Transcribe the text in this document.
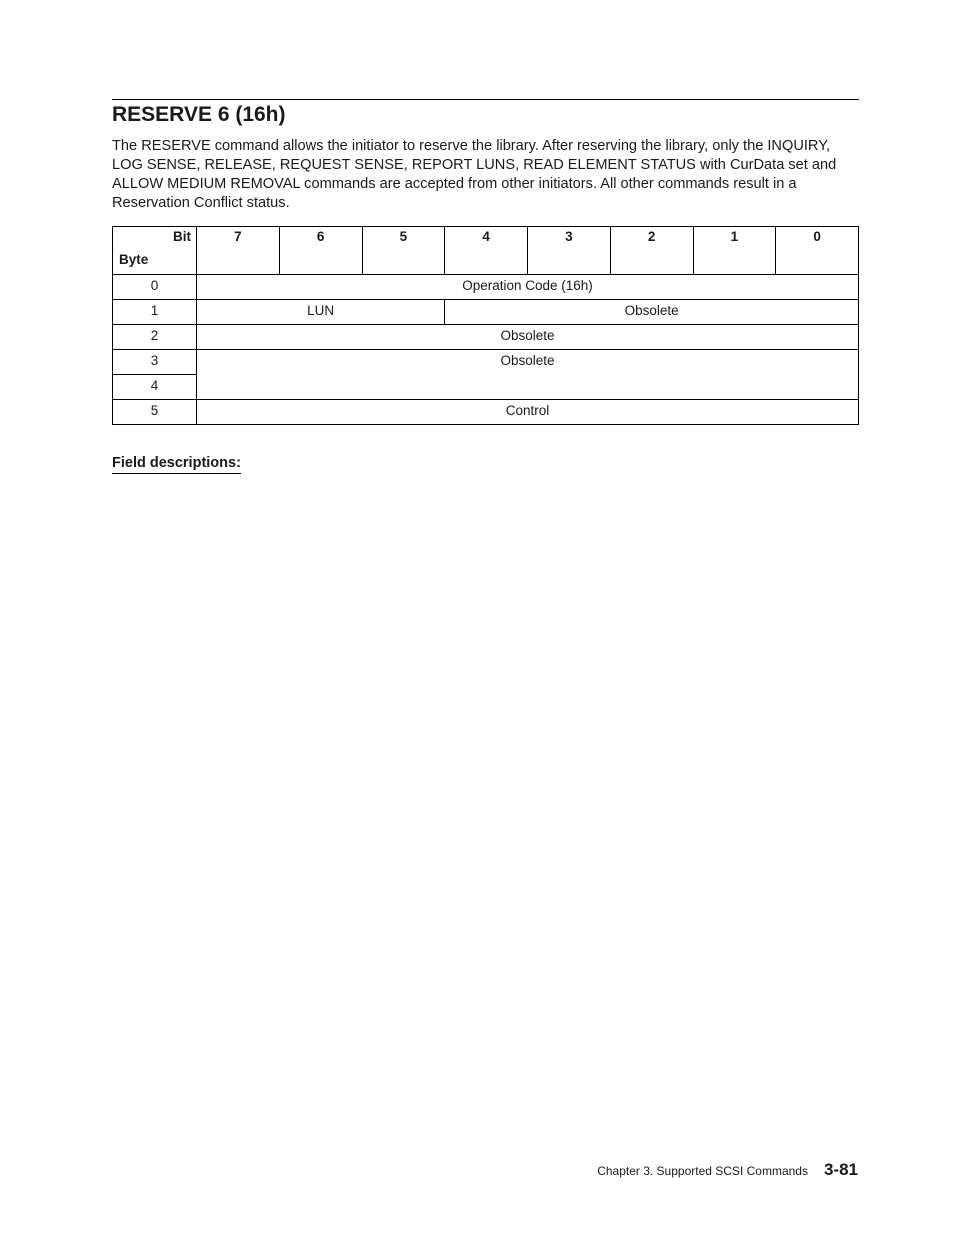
RESERVE 6 (16h)

The RESERVE command allows the initiator to reserve the library. After reserving the library, only the INQUIRY, LOG SENSE, RELEASE, REQUEST SENSE, REPORT LUNS, READ ELEMENT STATUS with CurData set and ALLOW MEDIUM REMOVAL commands are accepted from other initiators. All other commands result in a Reservation Conflict status.

Bit
Byte	7	6	5	4	3	2	1	0
0	Operation Code (16h)							
1	LUN			Obsolete				
2	Obsolete							
3	Obsolete							
4								
5	Control							
Field descriptions:
Chapter 3. Supported SCSI Commands 3-81
